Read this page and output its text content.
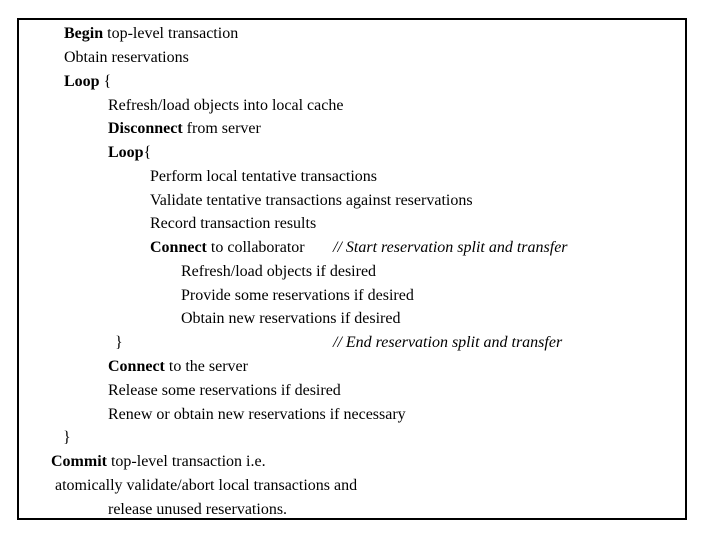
Begin top-level transaction
Obtain reservations
Loop {
Refresh/load objects into local cache
Disconnect from server
Loop{
Perform local tentative transactions
Validate tentative transactions against reservations
Record transaction results
Connect to collaborator // Start reservation split and transfer
Refresh/load objects if desired
Provide some reservations if desired
Obtain new reservations if desired
}	// End reservation split and transfer
Connect to the server
Release some reservations if desired
Renew or obtain new reservations if necessary
}
Commit top-level transaction i.e.
atomically validate/abort local transactions and
release unused reservations.
